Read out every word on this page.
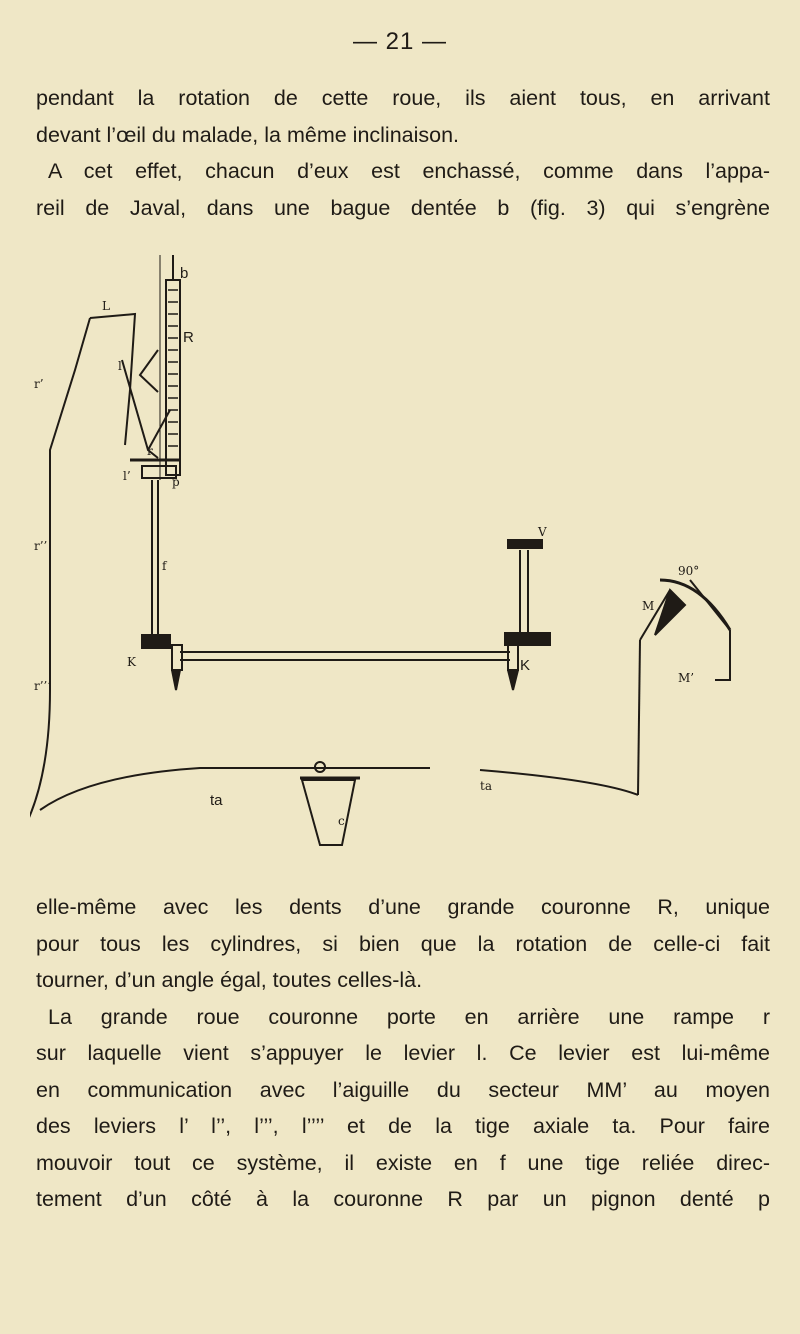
— 21 —
pendant la rotation de cette roue, ils aient tous, en arrivant
devant l’œil du malade, la même inclinaison.
A cet effet, chacun d’eux est enchassé, comme dans l’appa-
reil de Javal, dans une bague dentée b (fig. 3) qui s’engrène
b
R
L
l
l’
r
p
f
r’
r’’
r’’’
K	K
V
ta
ta
c
M
M’
90°
elle-même avec les dents d’une grande couronne R, unique
pour tous les cylindres, si bien que la rotation de celle-ci fait
tourner, d’un angle égal, toutes celles-là.
La grande roue couronne porte en arrière une rampe r
sur laquelle vient s’appuyer le levier l. Ce levier est lui-même
en communication avec l’aiguille du secteur MM’ au moyen
des leviers l’ l’’, l’’’, l’’’’ et de la tige axiale ta. Pour faire
mouvoir tout ce système, il existe en f une tige reliée direc-
tement d’un côté à la couronne R par un pignon denté p
